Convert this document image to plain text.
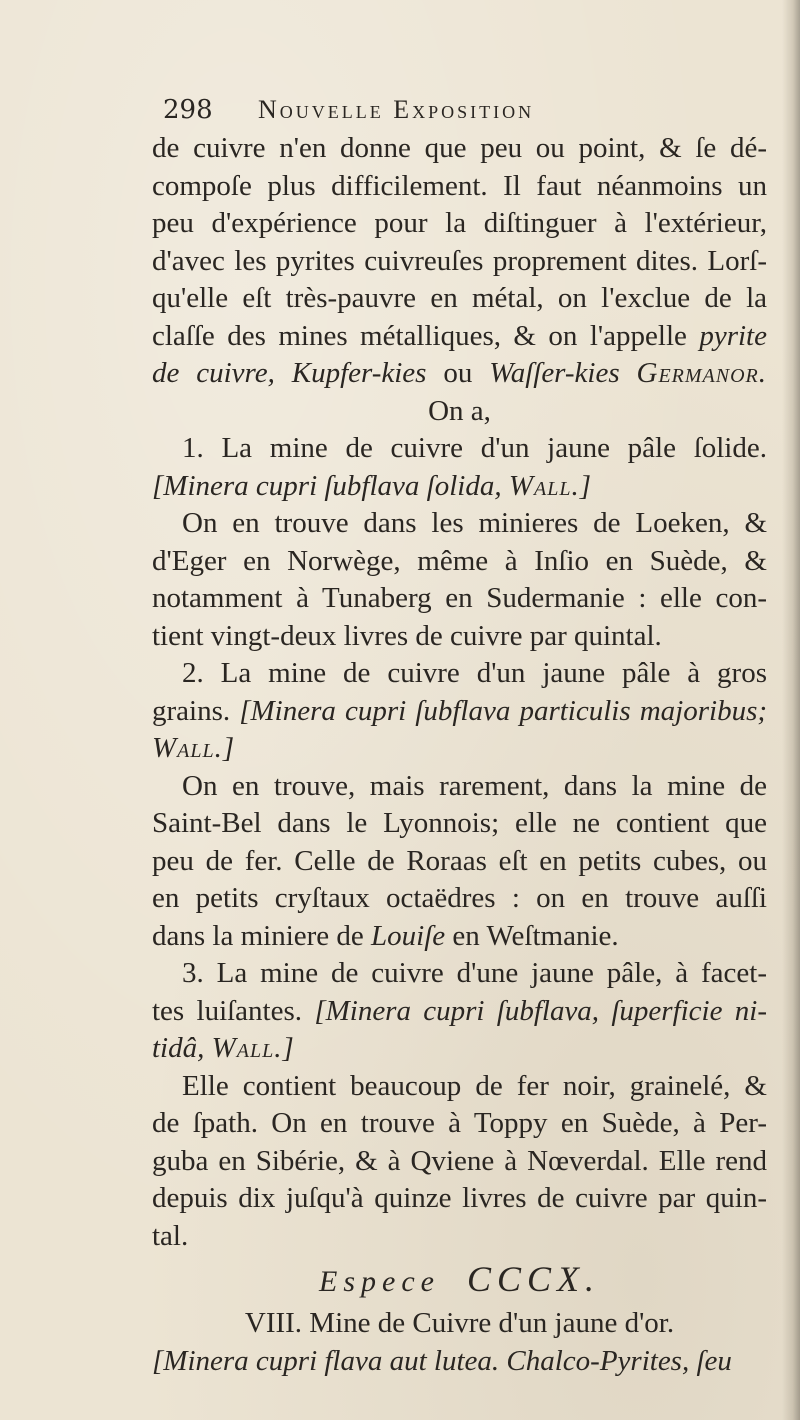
298 Nouvelle Exposition
de cuivre n'en donne que peu ou point, & ſe dé-
compoſe plus difficilement. Il faut néanmoins un
peu d'expérience pour la diſtinguer à l'extérieur,
d'avec les pyrites cuivreuſes proprement dites. Lorſ-
qu'elle eſt très-pauvre en métal, on l'exclue de la
claſſe des mines métalliques, & on l'appelle pyrite
de cuivre, Kupfer-kies ou Waſſer-kies Germanor.
On a,
1. La mine de cuivre d'un jaune pâle ſolide.
[Minera cupri ſubflava ſolida, Wall.]
On en trouve dans les minieres de Loeken, &
d'Eger en Norwège, même à Inſio en Suède, &
notamment à Tunaberg en Sudermanie : elle con-
tient vingt-deux livres de cuivre par quintal.
2. La mine de cuivre d'un jaune pâle à gros
grains. [Minera cupri ſubflava particulis majoribus;
Wall.]
On en trouve, mais rarement, dans la mine de
Saint-Bel dans le Lyonnois; elle ne contient que
peu de fer. Celle de Roraas eſt en petits cubes, ou
en petits cryſtaux octaëdres : on en trouve auſſi
dans la miniere de Louiſe en Weſtmanie.
3. La mine de cuivre d'une jaune pâle, à facet-
tes luiſantes. [Minera cupri ſubflava, ſuperficie ni-
tidâ, Wall.]
Elle contient beaucoup de fer noir, grainelé, &
de ſpath. On en trouve à Toppy en Suède, à Per-
guba en Sibérie, & à Qviene à Nœverdal. Elle rend
depuis dix juſqu'à quinze livres de cuivre par quin-
tal.
Espece CCCX.
VIII. Mine de Cuivre d'un jaune d'or.
[Minera cupri flava aut lutea. Chalco-Pyrites, ſeu
